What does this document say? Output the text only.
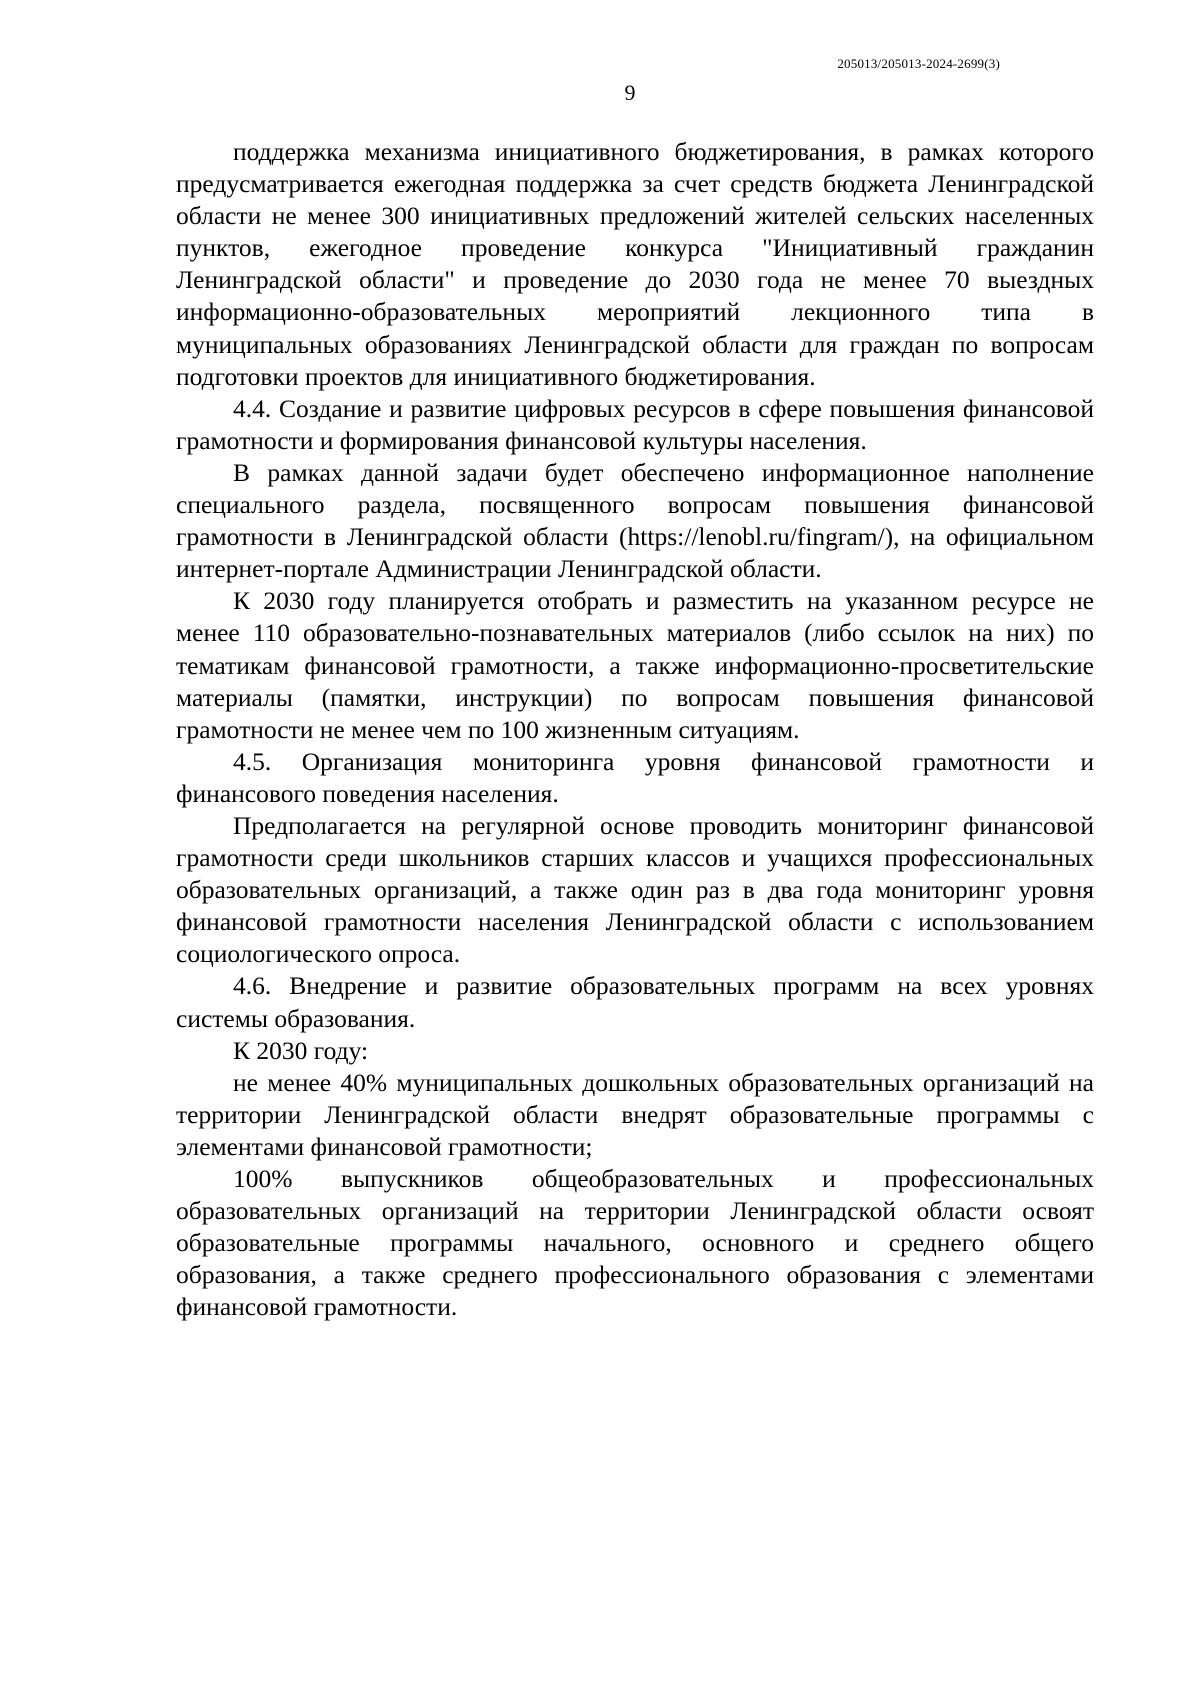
205013/205013-2024-2699(3)
9

поддержка механизма инициативного бюджетирования, в рамках которого предусматривается ежегодная поддержка за счет средств бюджета Ленинградской области не менее 300 инициативных предложений жителей сельских населенных пунктов, ежегодное проведение конкурса "Инициативный гражданин Ленинградской области" и проведение до 2030 года не менее 70 выездных информационно-образовательных мероприятий лекционного типа в муниципальных образованиях Ленинградской области для граждан по вопросам подготовки проектов для инициативного бюджетирования.

4.4. Создание и развитие цифровых ресурсов в сфере повышения финансовой грамотности и формирования финансовой культуры населения.

В рамках данной задачи будет обеспечено информационное наполнение специального раздела, посвященного вопросам повышения финансовой грамотности в Ленинградской области (https://lenobl.ru/fingram/), на официальном интернет-портале Администрации Ленинградской области.

К 2030 году планируется отобрать и разместить на указанном ресурсе не менее 110 образовательно-познавательных материалов (либо ссылок на них) по тематикам финансовой грамотности, а также информационно-просветительские материалы (памятки, инструкции) по вопросам повышения финансовой грамотности не менее чем по 100 жизненным ситуациям.

4.5. Организация мониторинга уровня финансовой грамотности и финансового поведения населения.

Предполагается на регулярной основе проводить мониторинг финансовой грамотности среди школьников старших классов и учащихся профессиональных образовательных организаций, а также один раз в два года мониторинг уровня финансовой грамотности населения Ленинградской области с использованием социологического опроса.

4.6. Внедрение и развитие образовательных программ на всех уровнях системы образования.

К 2030 году:

не менее 40% муниципальных дошкольных образовательных организаций на территории Ленинградской области внедрят образовательные программы с элементами финансовой грамотности;

100% выпускников общеобразовательных и профессиональных образовательных организаций на территории Ленинградской области освоят образовательные программы начального, основного и среднего общего образования, а также среднего профессионального образования с элементами финансовой грамотности.
